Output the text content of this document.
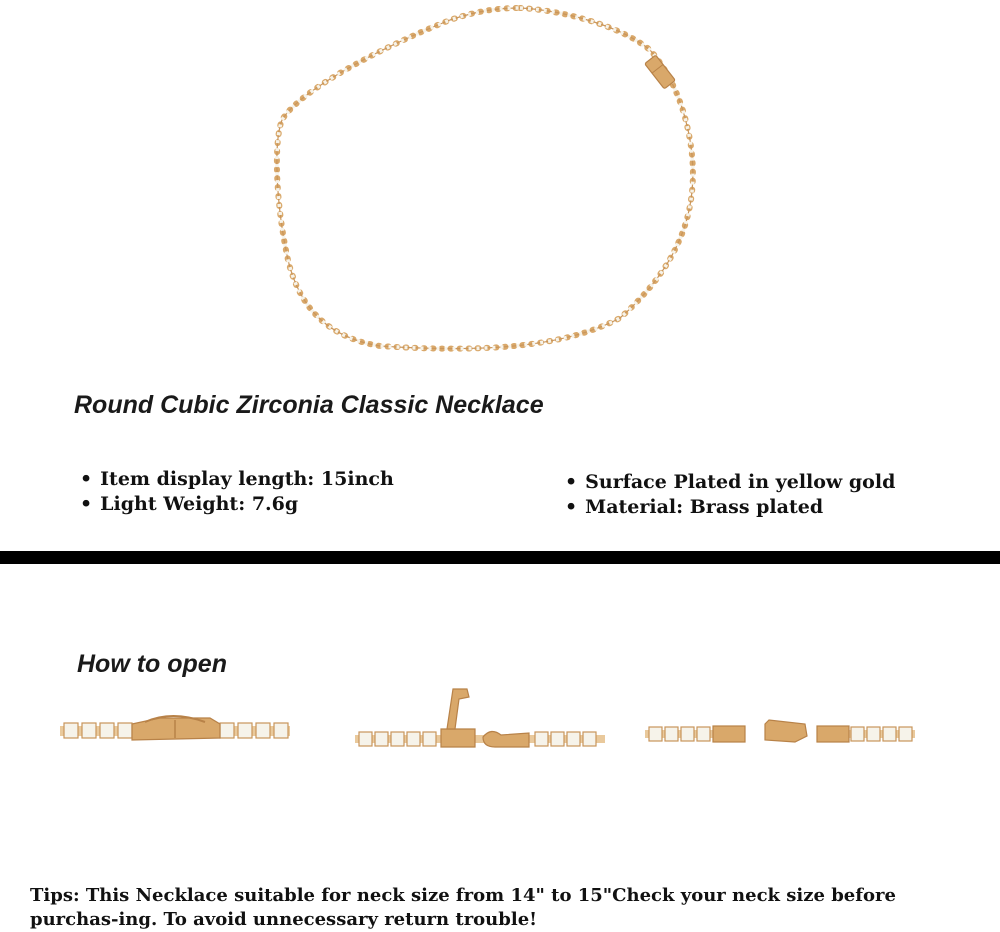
Round Cubic Zirconia Classic Necklace
• Item display length: 15inch
• Light Weight: 7.6g
• Surface Plated in yellow gold
• Material: Brass plated
How to open

Tips: This Necklace suitable for neck size from 14" to 15"Check your neck size before purchas-ing. To avoid unnecessary return trouble!
